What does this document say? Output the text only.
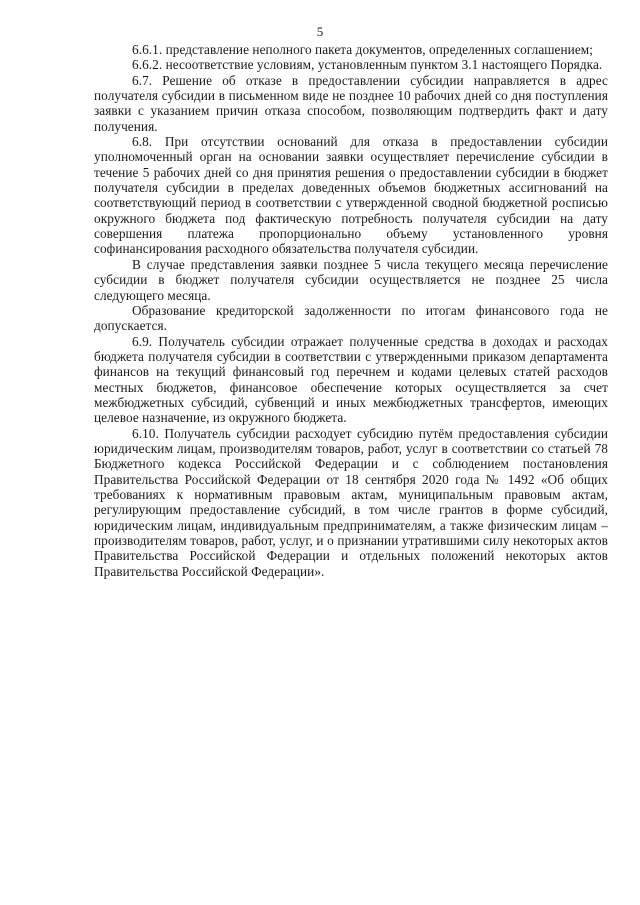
5

6.6.1. представление неполного пакета документов, определенных соглашением;

6.6.2. несоответствие условиям, установленным пунктом 3.1 настоящего Порядка.

6.7. Решение об отказе в предоставлении субсидии направляется в адрес получателя субсидии в письменном виде не позднее 10 рабочих дней со дня поступления заявки с указанием причин отказа способом, позволяющим подтвердить факт и дату получения.

6.8. При отсутствии оснований для отказа в предоставлении субсидии уполномоченный орган на основании заявки осуществляет перечисление субсидии в течение 5 рабочих дней со дня принятия решения о предоставлении субсидии в бюджет получателя субсидии в пределах доведенных объемов бюджетных ассигнований на соответствующий период в соответствии с утвержденной сводной бюджетной росписью окружного бюджета под фактическую потребность получателя субсидии на дату совершения платежа пропорционально объему установленного уровня софинансирования расходного обязательства получателя субсидии.

В случае представления заявки позднее 5 числа текущего месяца перечисление субсидии в бюджет получателя субсидии осуществляется не позднее 25 числа следующего месяца.

Образование кредиторской задолженности по итогам финансового года не допускается.

6.9. Получатель субсидии отражает полученные средства в доходах и расходах бюджета получателя субсидии в соответствии с утвержденными приказом департамента финансов на текущий финансовый год перечнем и кодами целевых статей расходов местных бюджетов, финансовое обеспечение которых осуществляется за счет межбюджетных субсидий, субвенций и иных межбюджетных трансфертов, имеющих целевое назначение, из окружного бюджета.

6.10. Получатель субсидии расходует субсидию путём предоставления субсидии юридическим лицам, производителям товаров, работ, услуг в соответствии со статьей 78 Бюджетного кодекса Российской Федерации и с соблюдением постановления Правительства Российской Федерации от 18 сентября 2020 года № 1492 «Об общих требованиях к нормативным правовым актам, муниципальным правовым актам, регулирующим предоставление субсидий, в том числе грантов в форме субсидий, юридическим лицам, индивидуальным предпринимателям, а также физическим лицам – производителям товаров, работ, услуг, и о признании утратившими силу некоторых актов Правительства Российской Федерации и отдельных положений некоторых актов Правительства Российской Федерации».
